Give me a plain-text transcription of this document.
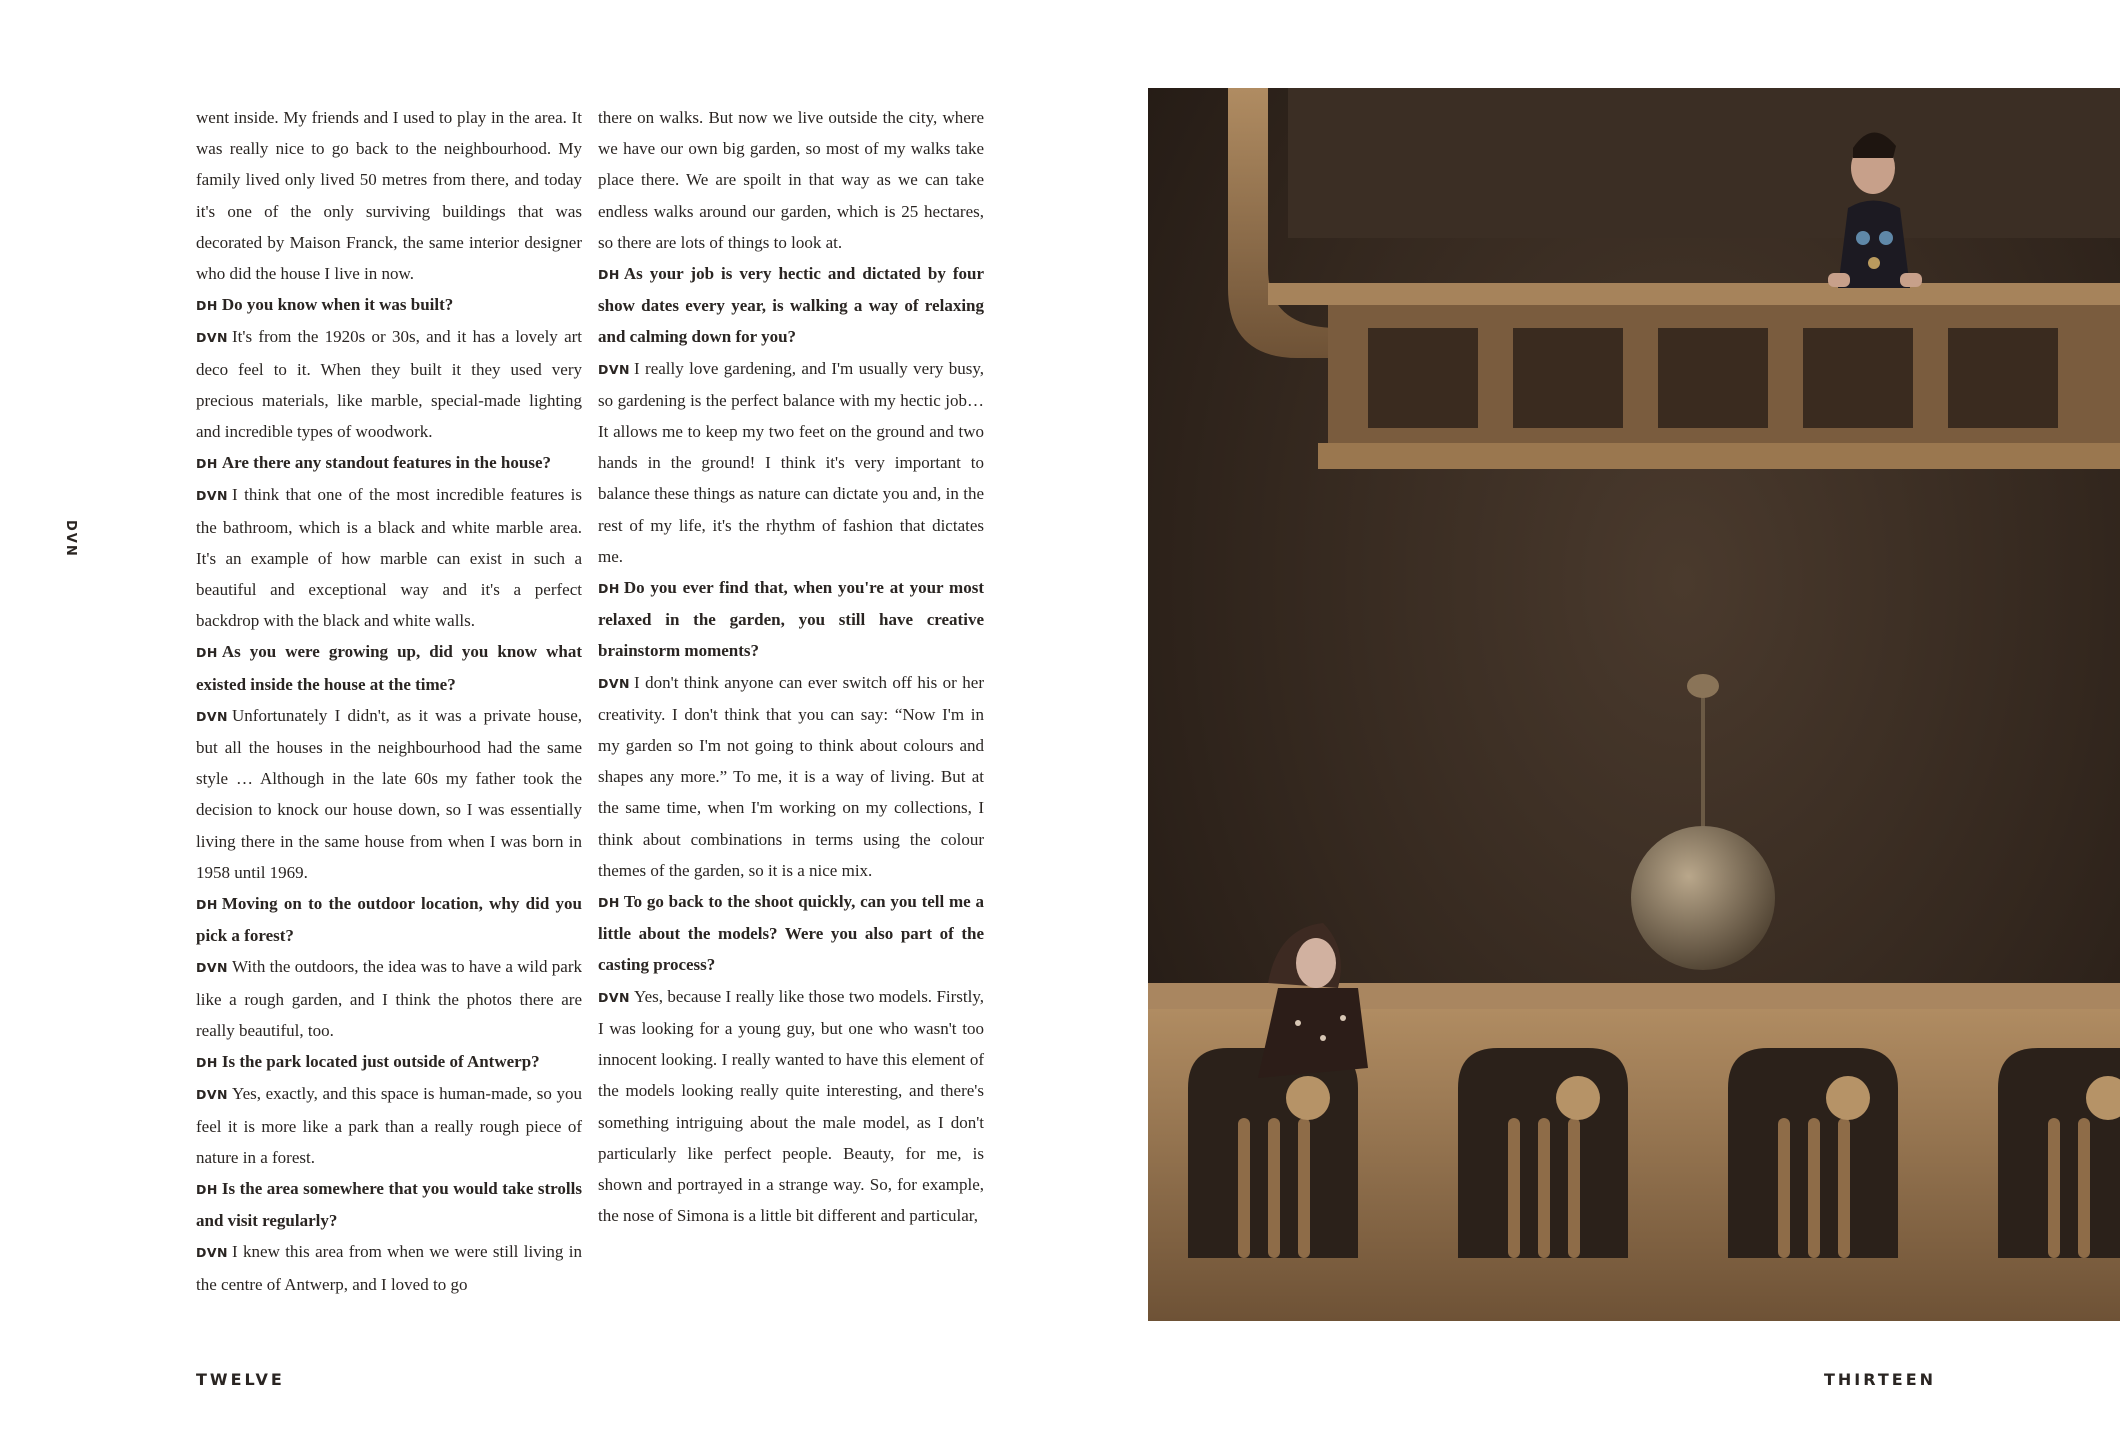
DVN

went inside. My friends and I used to play in the area. It was really nice to go back to the neighbourhood. My family lived only lived 50 metres from there, and today it's one of the only surviving buildings that was decorated by Maison Franck, the same interior designer who did the house I live in now.

DH Do you know when it was built?

DVN It's from the 1920s or 30s, and it has a lovely art deco feel to it. When they built it they used very precious materials, like marble, special-made lighting and incredible types of woodwork.

DH Are there any standout features in the house?

DVN I think that one of the most incredible features is the bathroom, which is a black and white marble area. It's an example of how marble can exist in such a beautiful and exceptional way and it's a perfect backdrop with the black and white walls.

DH As you were growing up, did you know what existed inside the house at the time?

DVN Unfortunately I didn't, as it was a private house, but all the houses in the neighbourhood had the same style … Although in the late 60s my father took the decision to knock our house down, so I was essentially living there in the same house from when I was born in 1958 until 1969.

DH Moving on to the outdoor location, why did you pick a forest?

DVN With the outdoors, the idea was to have a wild park like a rough garden, and I think the photos there are really beautiful, too.

DH Is the park located just outside of Antwerp?

DVN Yes, exactly, and this space is human-made, so you feel it is more like a park than a really rough piece of nature in a forest.

DH Is the area somewhere that you would take strolls and visit regularly?

DVN I knew this area from when we were still living in the centre of Antwerp, and I loved to go

there on walks. But now we live outside the city, where we have our own big garden, so most of my walks take place there. We are spoilt in that way as we can take endless walks around our garden, which is 25 hectares, so there are lots of things to look at.

DH As your job is very hectic and dictated by four show dates every year, is walking a way of relaxing and calming down for you?

DVN I really love gardening, and I'm usually very busy, so gardening is the perfect balance with my hectic job… It allows me to keep my two feet on the ground and two hands in the ground! I think it's very important to balance these things as nature can dictate you and, in the rest of my life, it's the rhythm of fashion that dictates me.

DH Do you ever find that, when you're at your most relaxed in the garden, you still have creative brainstorm moments?

DVN I don't think anyone can ever switch off his or her creativity. I don't think that you can say: “Now I'm in my garden so I'm not going to think about colours and shapes any more.” To me, it is a way of living. But at the same time, when I'm working on my collections, I think about combinations in terms using the colour themes of the garden, so it is a nice mix.

DH To go back to the shoot quickly, can you tell me a little about the models? Were you also part of the casting process?

DVN Yes, because I really like those two models. Firstly, I was looking for a young guy, but one who wasn't too innocent looking. I really wanted to have this element of the models looking really quite interesting, and there's something intriguing about the male model, as I don't particularly like perfect people. Beauty, for me, is shown and portrayed in a strange way. So, for example, the nose of Simona is a little bit different and particular,

TWELVE	THIRTEEN
